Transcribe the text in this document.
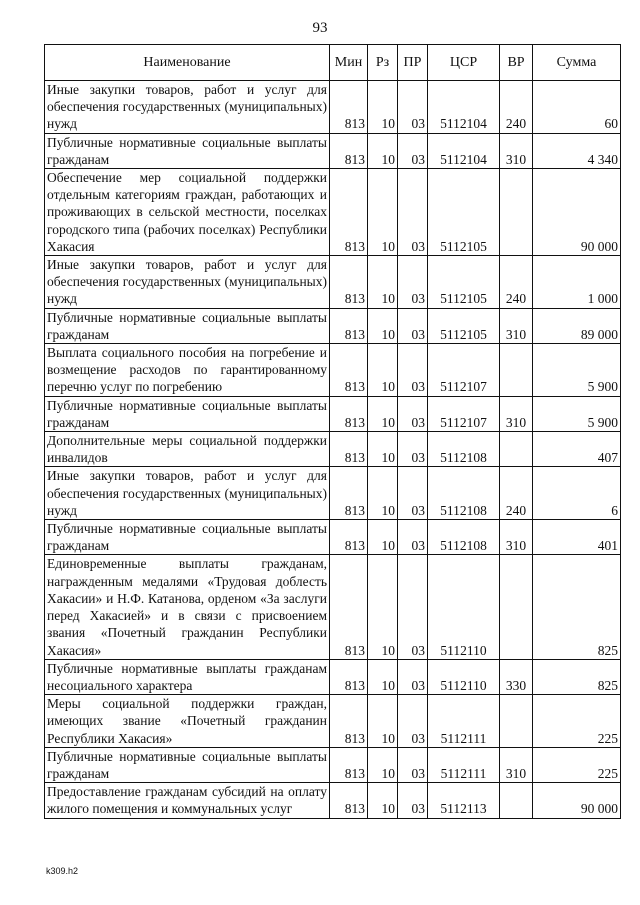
93
Наименование	Мин	Рз	ПР	ЦСР	ВР	Сумма
Иные закупки товаров, работ и услуг для обеспечения государственных (муниципальных) нужд	813	10	03	5112104	240	60
Публичные нормативные социальные выплаты гражданам	813	10	03	5112104	310	4 340
Обеспечение мер социальной поддержки отдельным категориям граждан, работающих и проживающих в сельской местности, поселках городского типа (рабочих поселках) Республики Хакасия	813	10	03	5112105		90 000
Иные закупки товаров, работ и услуг для обеспечения государственных (муниципальных) нужд	813	10	03	5112105	240	1 000
Публичные нормативные социальные выплаты гражданам	813	10	03	5112105	310	89 000
Выплата социального пособия на погребение и возмещение расходов по гарантированному перечню услуг по погребению	813	10	03	5112107		5 900
Публичные нормативные социальные выплаты гражданам	813	10	03	5112107	310	5 900
Дополнительные меры социальной поддержки инвалидов	813	10	03	5112108		407
Иные закупки товаров, работ и услуг для обеспечения государственных (муниципальных) нужд	813	10	03	5112108	240	6
Публичные нормативные социальные выплаты гражданам	813	10	03	5112108	310	401
Единовременные выплаты гражданам, награжденным медалями «Трудовая доблесть Хакасии» и Н.Ф. Катанова, орденом «За заслуги перед Хакасией» и в связи с присвоением звания «Почетный гражданин Республики Хакасия»	813	10	03	5112110		825
Публичные нормативные выплаты гражданам несоциального характера	813	10	03	5112110	330	825
Меры социальной поддержки граждан, имеющих звание «Почетный гражданин Республики Хакасия»	813	10	03	5112111		225
Публичные нормативные социальные выплаты гражданам	813	10	03	5112111	310	225
Предоставление гражданам субсидий на оплату жилого помещения и коммунальных услуг	813	10	03	5112113		90 000
k309.h2
